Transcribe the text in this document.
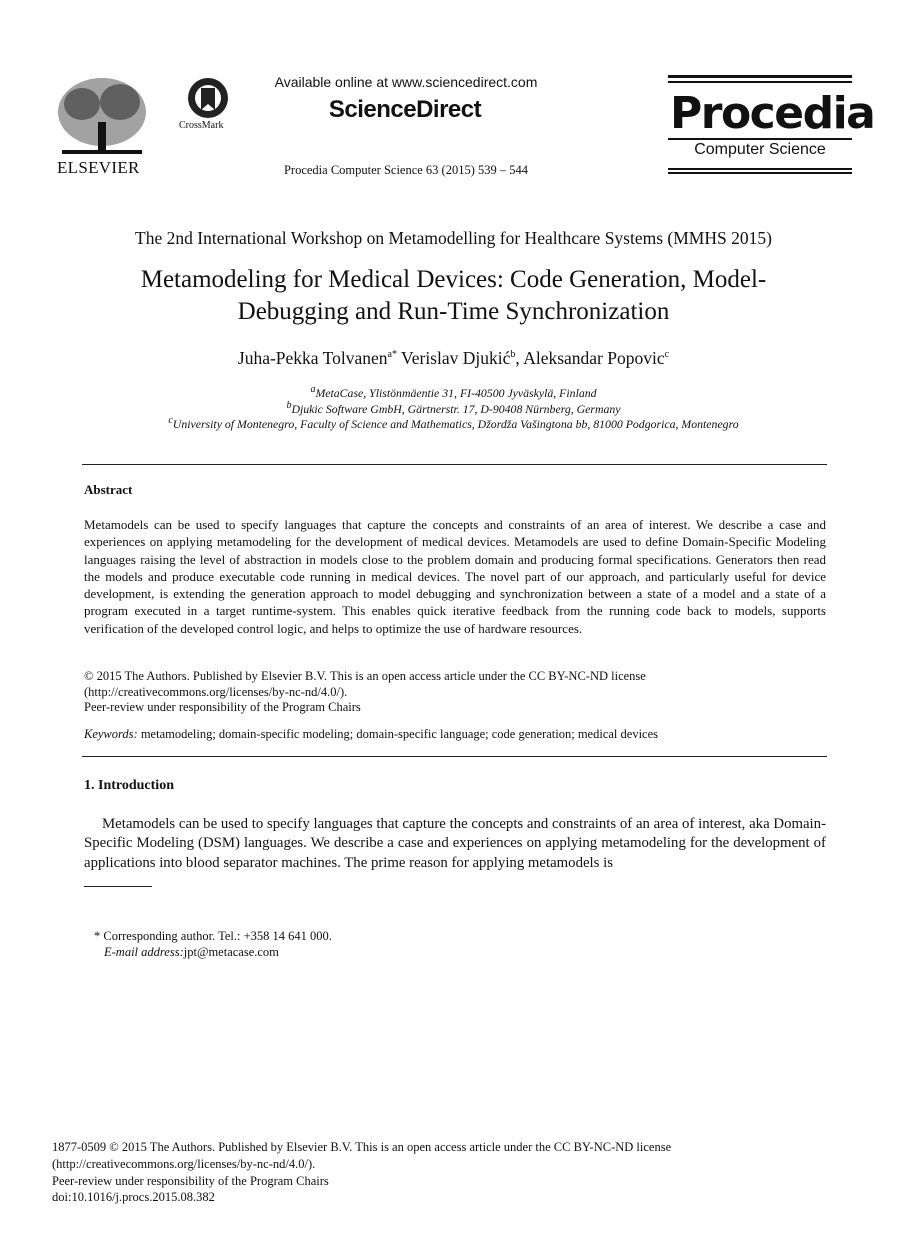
ELSEVIER
CrossMark
Available online at www.sciencedirect.com
ScienceDirect
Procedia Computer Science 63 (2015) 539 – 544
Procedia
Computer Science
The 2nd International Workshop on Metamodelling for Healthcare Systems (MMHS 2015)
Metamodeling for Medical Devices: Code Generation, Model-
Debugging and Run-Time Synchronization
Juha-Pekka Tolvanen$^{a*}$ Verislav Djukić$^b$, Aleksandar Popovic$^c$
$^a$MetaCase, Ylistönmäentie 31, FI-40500 Jyväskylä, Finland
$^b$Djukic Software GmbH, Gärtnerstr. 17, D-90408 Nürnberg, Germany
$^c$University of Montenegro, Faculty of Science and Mathematics, Džordža Vašingtona bb, 81000 Podgorica, Montenegro
Abstract
Metamodels can be used to specify languages that capture the concepts and constraints of an area of interest. We describe a case and experiences on applying metamodeling for the development of medical devices. Metamodels are used to define Domain-Specific Modeling languages raising the level of abstraction in models close to the problem domain and producing formal specifications. Generators then read the models and produce executable code running in medical devices. The novel part of our approach, and particularly useful for device development, is extending the generation approach to model debugging and synchronization between a state of a model and a state of a program executed in a target runtime-system. This enables quick iterative feedback from the running code back to models, supports verification of the developed control logic, and helps to optimize the use of hardware resources.
© 2015 The Authors. Published by Elsevier B.V. This is an open access article under the CC BY-NC-ND license
(http://creativecommons.org/licenses/by-nc-nd/4.0/).
Peer-review under responsibility of the Program Chairs
Keywords: metamodeling; domain-specific modeling; domain-specific language; code generation; medical devices
1. Introduction
Metamodels can be used to specify languages that capture the concepts and constraints of an area of interest, aka Domain-Specific Modeling (DSM) languages. We describe a case and experiences on applying metamodeling for the development of applications into blood separator machines. The prime reason for applying metamodels is
* Corresponding author. Tel.: +358 14 641 000.
E-mail address:jpt@metacase.com
1877-0509 © 2015 The Authors. Published by Elsevier B.V. This is an open access article under the CC BY-NC-ND license
(http://creativecommons.org/licenses/by-nc-nd/4.0/).
Peer-review under responsibility of the Program Chairs
doi:10.1016/j.procs.2015.08.382
